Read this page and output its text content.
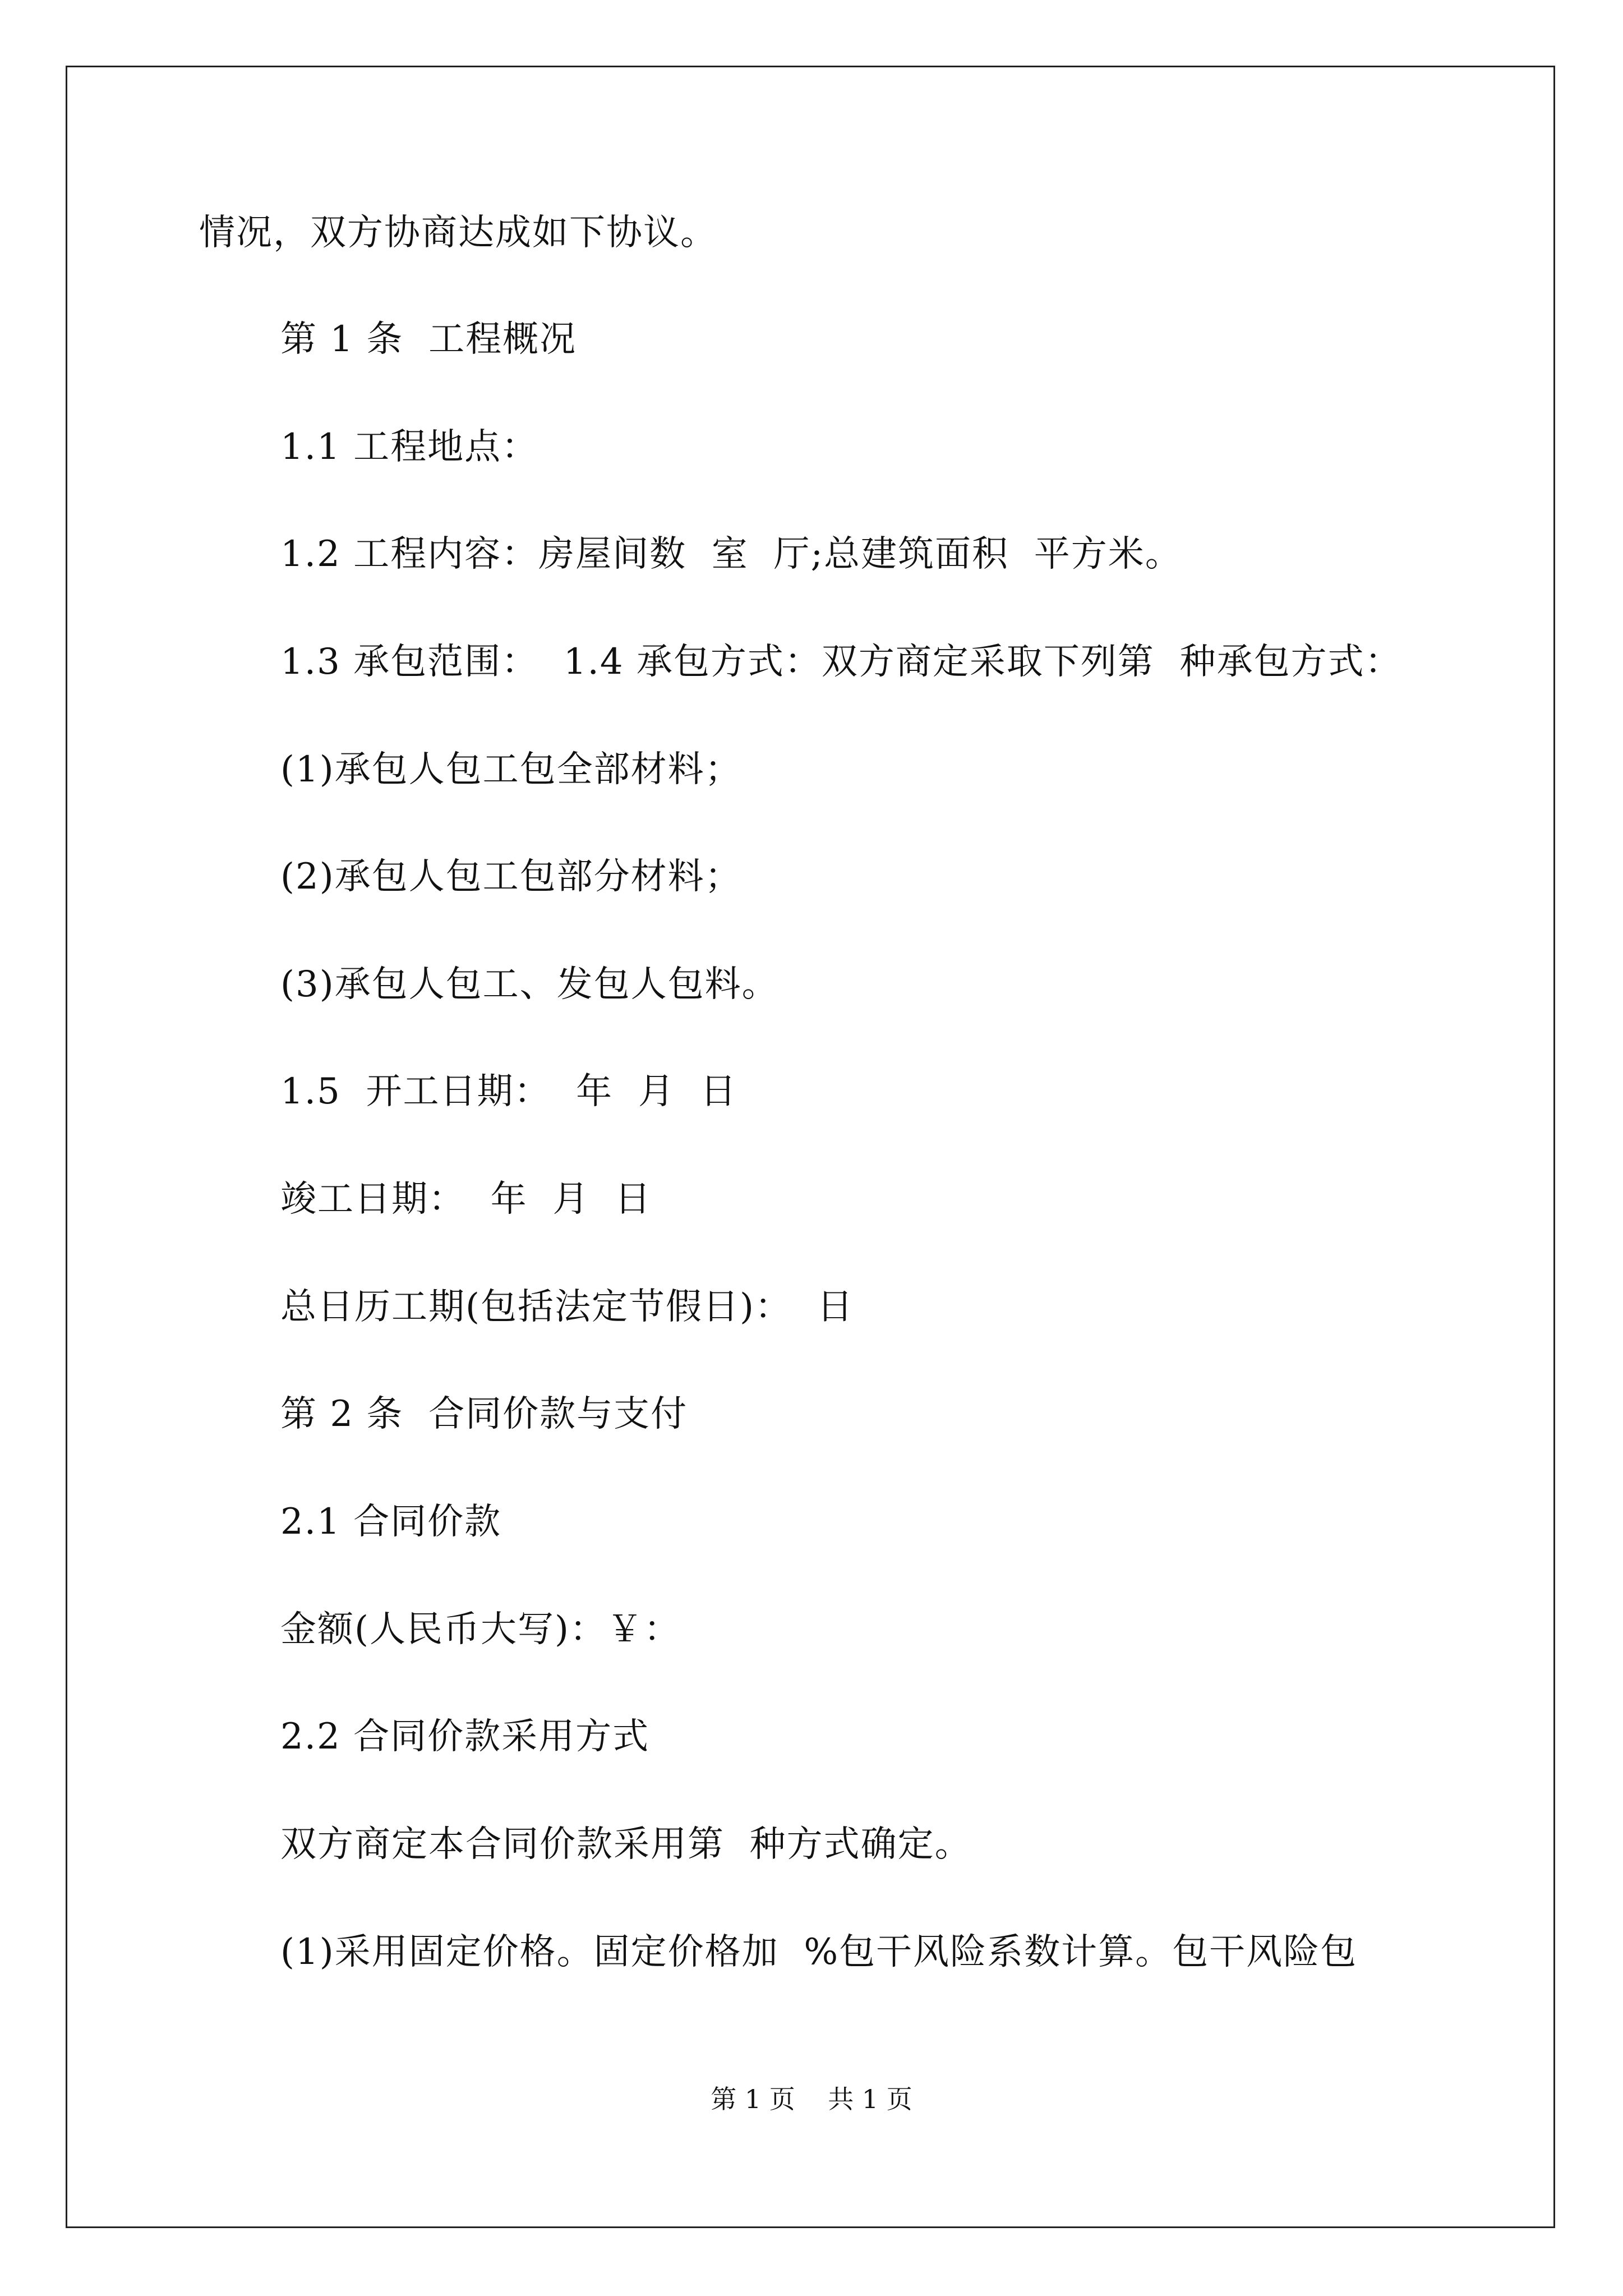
情况，双方协商达成如下协议。
第 1 条  工程概况
1.1 工程地点：
1.2 工程内容：房屋间数  室  厅;总建筑面积  平方米。
1.3 承包范围：  1.4 承包方式：双方商定采取下列第  种承包方式：
(1)承包人包工包全部材料；
(2)承包人包工包部分材料；
(3)承包人包工、发包人包料。
1.5  开工日期：  年  月  日
竣工日期：  年  月  日
总日历工期(包括法定节假日)：  日
第 2 条  合同价款与支付
2.1 合同价款
金额(人民币大写)：￥：
2.2 合同价款采用方式
双方商定本合同价款采用第  种方式确定。
(1)采用固定价格。固定价格加  %包干风险系数计算。包干风险包
第 1 页    共 1 页
